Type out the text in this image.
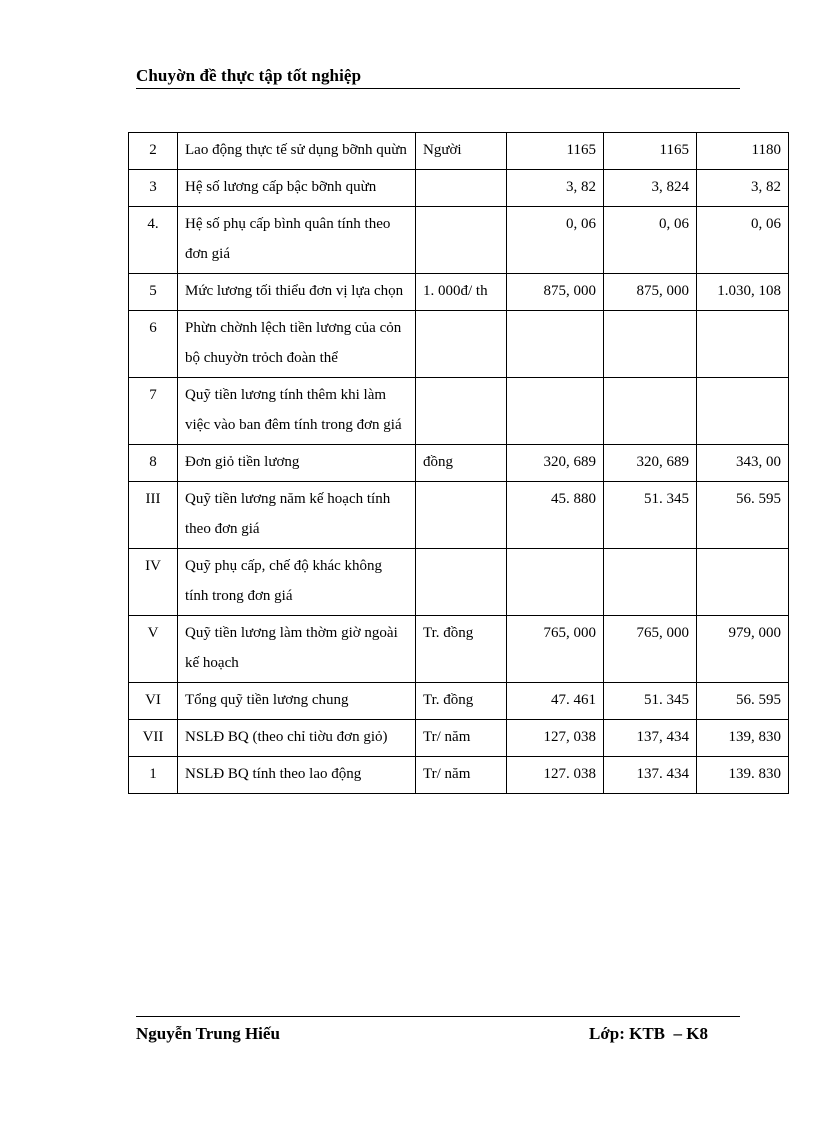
Chuyờn đề thực tập tốt nghiệp
2	Lao động thực tế sử dụng bỡnh quừn	Người	1165	1165	1180
3	Hệ số lương cấp bậc bỡnh quừn		3, 82	3, 824	3, 82
4.	Hệ số phụ cấp bình quân tính theo đơn giá		0, 06	0, 06	0, 06
5	Mức lương tối thiểu đơn vị lựa chọn	1. 000đ/ th	875, 000	875, 000	1.030, 108
6	Phừn chờnh lệch tiền lương của cỏn bộ chuyờn trỏch đoàn thể				
7	Quỹ tiền lương tính thêm khi làm việc vào ban đêm tính trong đơn giá				
8	Đơn giỏ tiền lương	đồng	320, 689	320, 689	343, 00
III	Quỹ tiền lương năm kế hoạch tính theo đơn giá		45. 880	51. 345	56. 595
IV	Quỹ phụ cấp, chế độ khác không tính trong đơn giá				
V	Quỹ tiền lương làm thờm giờ ngoài kế hoạch	Tr. đồng	765, 000	765, 000	979, 000
VI	Tổng quỹ tiền lương chung	Tr. đồng	47. 461	51. 345	56. 595
VII	NSLĐ BQ (theo chỉ tiờu đơn giỏ)	Tr/ năm	127, 038	137, 434	139, 830
1	NSLĐ BQ tính theo lao động	Tr/ năm	127. 038	137. 434	139. 830
Nguyễn Trung Hiếu	Lớp: KTB  – K8
